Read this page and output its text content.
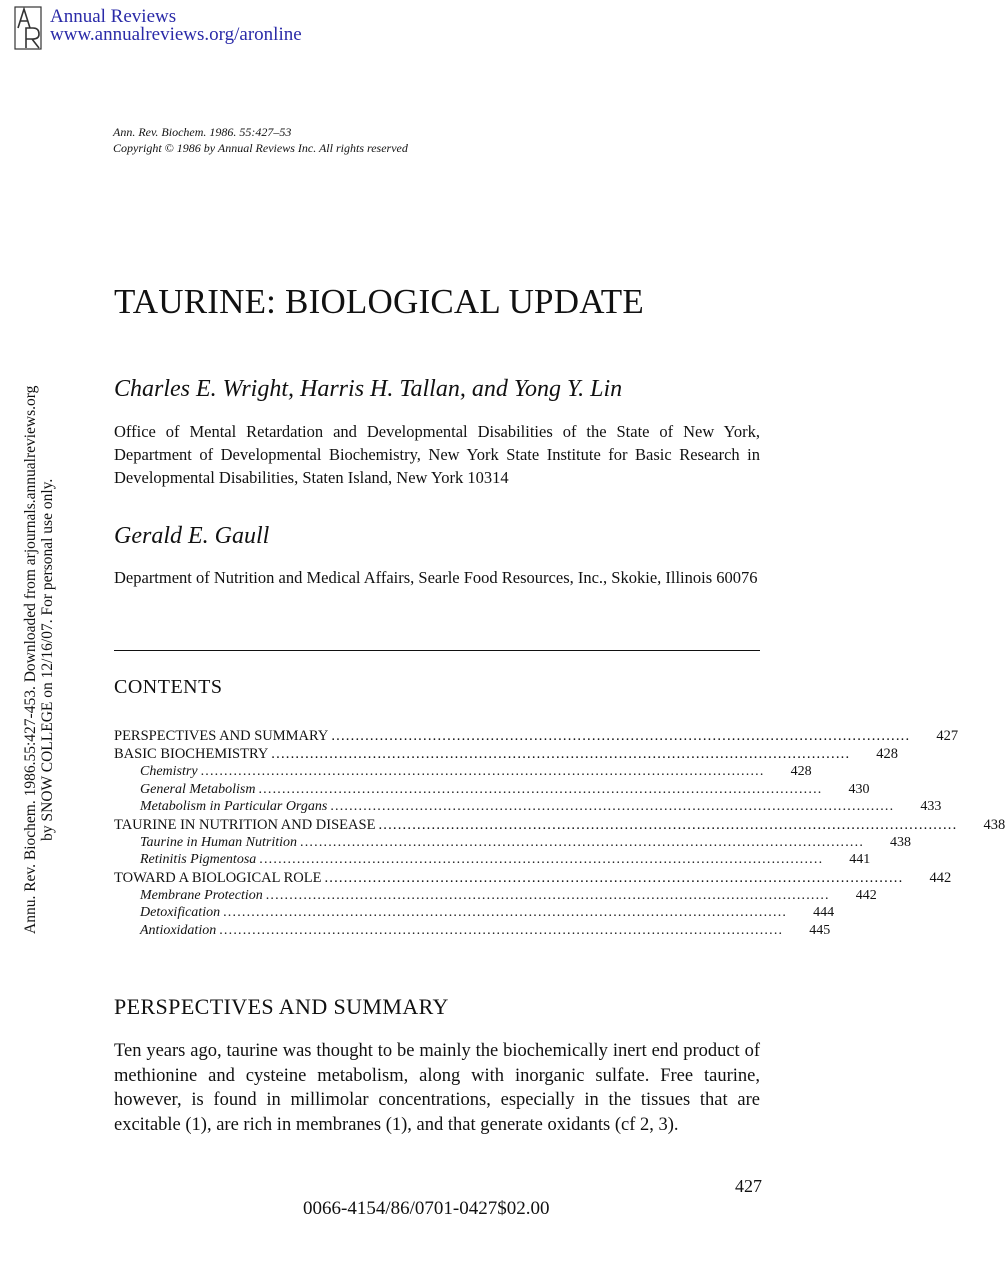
Annual Reviews
www.annualreviews.org/aronline
Annu. Rev. Biochem. 1986.55:427-453. Downloaded from arjournals.annualreviews.org by SNOW COLLEGE on 12/16/07. For personal use only.
Ann. Rev. Biochem. 1986. 55:427–53
Copyright © 1986 by Annual Reviews Inc. All rights reserved
TAURINE: BIOLOGICAL UPDATE
Charles E. Wright, Harris H. Tallan, and Yong Y. Lin
Office of Mental Retardation and Developmental Disabilities of the State of New York, Department of Developmental Biochemistry, New York State Institute for Basic Research in Developmental Disabilities, Staten Island, New York 10314
Gerald E. Gaull
Department of Nutrition and Medical Affairs, Searle Food Resources, Inc., Skokie, Illinois 60076
CONTENTS
PERSPECTIVES AND SUMMARY ........................................................................................................................ 427
BASIC BIOCHEMISTRY ........................................................................................................................ 428
Chemistry ........................................................................................................................ 428
General Metabolism ........................................................................................................................ 430
Metabolism in Particular Organs ........................................................................................................................ 433
TAURINE IN NUTRITION AND DISEASE ........................................................................................................................ 438
Taurine in Human Nutrition ........................................................................................................................ 438
Retinitis Pigmentosa ........................................................................................................................ 441
TOWARD A BIOLOGICAL ROLE ........................................................................................................................ 442
Membrane Protection ........................................................................................................................ 442
Detoxification ........................................................................................................................ 444
Antioxidation ........................................................................................................................ 445
PERSPECTIVES AND SUMMARY
Ten years ago, taurine was thought to be mainly the biochemically inert end product of methionine and cysteine metabolism, along with inorganic sulfate. Free taurine, however, is found in millimolar concentrations, especially in the tissues that are excitable (1), are rich in membranes (1), and that generate oxidants (cf 2, 3).
427
0066-4154/86/0701-0427$02.00
